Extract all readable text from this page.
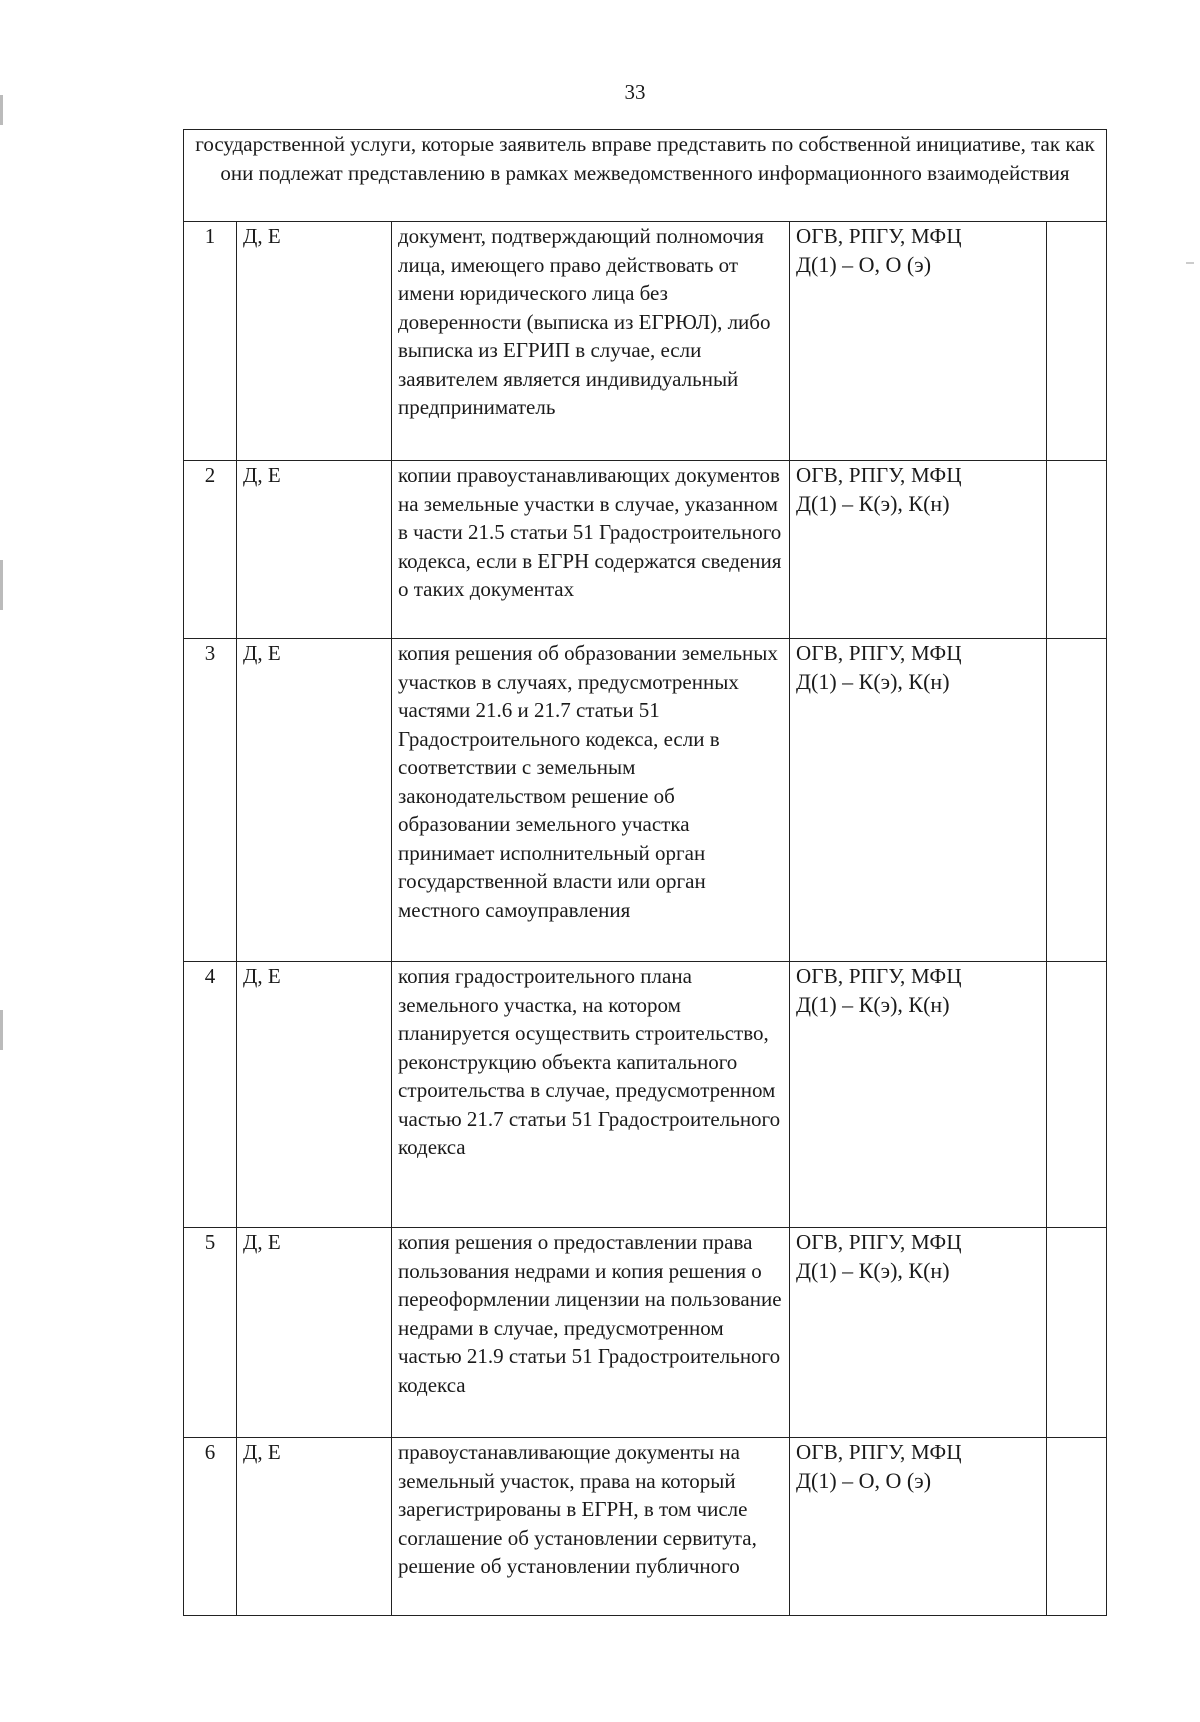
33
государственной услуги, которые заявитель вправе представить по собственной инициативе, так как они подлежат представлению в рамках межведомственного информационного взаимодействия				
1	Д, Е	документ, подтверждающий полномочия лица, имеющего право действовать от имени юридического лица без доверенности (выписка из ЕГРЮЛ), либо выписка из ЕГРИП в случае, если заявителем является индивидуальный предприниматель	ОГВ, РПГУ, МФЦ
Д(1) – О, О (э)	

2	Д, Е	копии правоустанавливающих документов на земельные участки в случае, указанном в части 21.5 статьи 51 Градостроительного кодекса, если в ЕГРН содержатся сведения о таких документах	ОГВ, РПГУ, МФЦ
Д(1) – К(э), К(н)	

3	Д, Е	копия решения об образовании земельных участков в случаях, предусмотренных частями 21.6 и 21.7 статьи 51 Градостроительного кодекса, если в соответствии с земельным законодательством решение об образовании земельного участка принимает исполнительный орган государственной власти или орган местного самоуправления	ОГВ, РПГУ, МФЦ
Д(1) – К(э), К(н)	

4	Д, Е	копия градостроительного плана земельного участка, на котором планируется осуществить строительство, реконструкцию объекта капитального строительства в случае, предусмотренном частью 21.7 статьи 51 Градостроительного кодекса	ОГВ, РПГУ, МФЦ
Д(1) – К(э), К(н)	

5	Д, Е	копия решения о предоставлении права пользования недрами и копия решения о переоформлении лицензии на пользование недрами в случае, предусмотренном частью 21.9 статьи 51 Градостроительного кодекса	ОГВ, РПГУ, МФЦ
Д(1) – К(э), К(н)	

6	Д, Е	правоустанавливающие документы на земельный участок, права на который зарегистрированы в ЕГРН, в том числе соглашение об установлении сервитута, решение об установлении публичного	ОГВ, РПГУ, МФЦ
Д(1) – О, О (э)	
